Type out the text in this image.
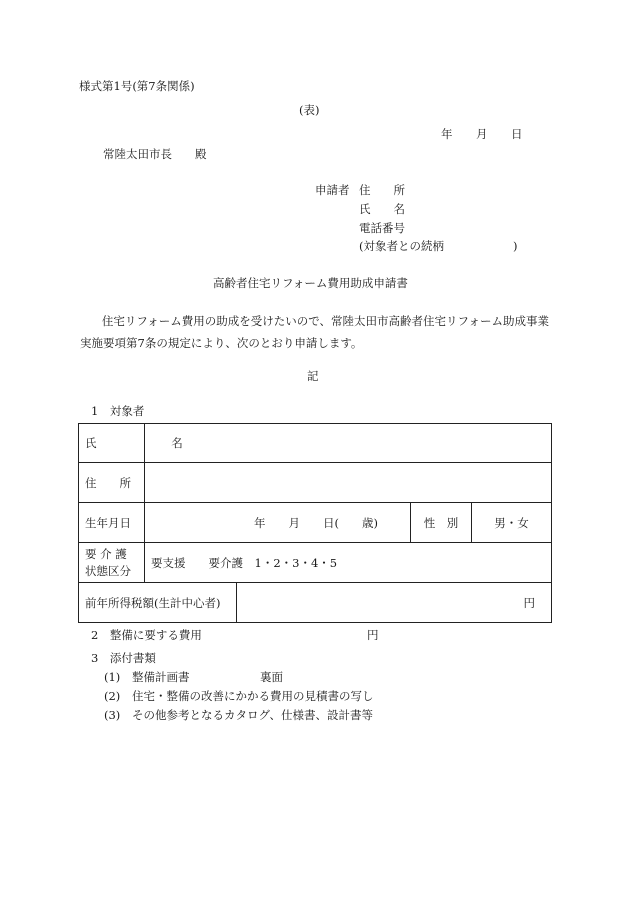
様式第1号(第7条関係)
(表)
年 月 日
常陸太田市長　　殿
申請者 住　　所
氏　　名
電話番号
(対象者との続柄　　　　　　)
高齢者住宅リフォーム費用助成申請書
住宅リフォーム費用の助成を受けたいので、常陸太田市高齢者住宅リフォーム助成事業実施要項第7条の規定により、次のとおり申請します。
記
1　対象者
氏　　名				
住　　所				
生年月日	年　　月　　日(　　歳)		性　別	男・女

要 介 護
状態区分	要支援　　要介護　1・2・3・4・5			
前年所得税額(生計中心者)		円		
2　整備に要する費用	円
3　添付書類
(1) 整備計画書	裏面
(2) 住宅・整備の改善にかかる費用の見積書の写し
(3) その他参考となるカタログ、仕様書、設計書等
